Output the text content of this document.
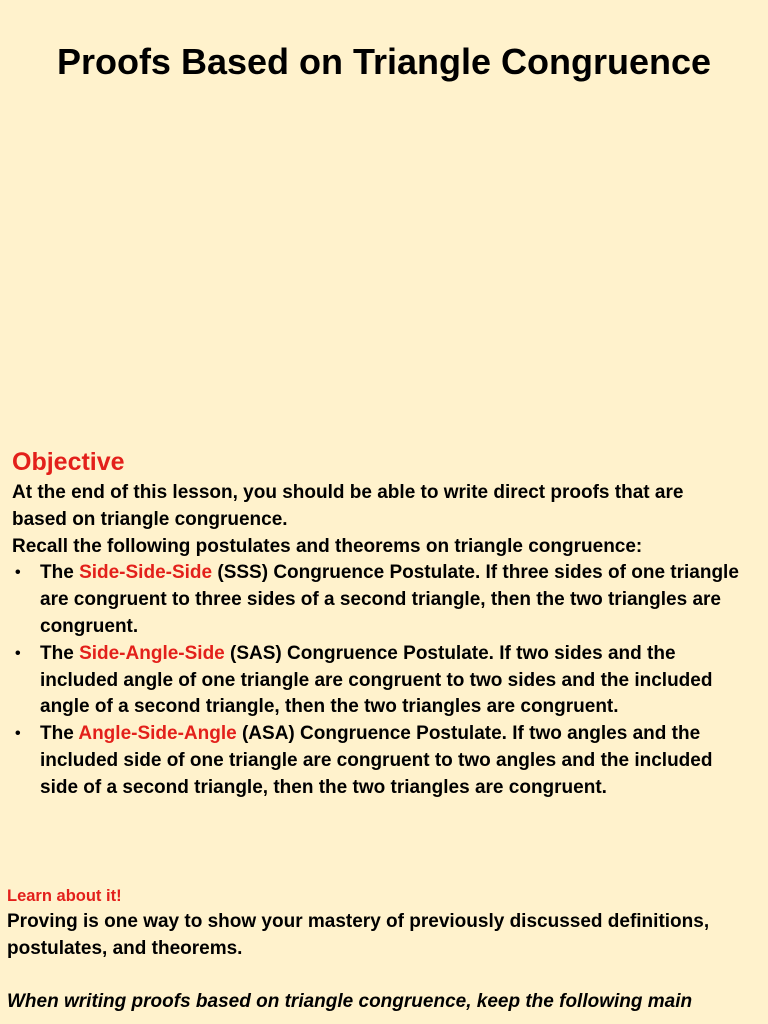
Proofs Based on Triangle Congruence
Objective
At the end of this lesson, you should be able to write direct proofs that are
based on triangle congruence.
Recall the following postulates and theorems on triangle congruence:
• The Side-Side-Side (SSS) Congruence Postulate. If three sides of one triangle
are congruent to three sides of a second triangle, then the two triangles are
congruent.
• The Side-Angle-Side (SAS) Congruence Postulate. If two sides and the
included angle of one triangle are congruent to two sides and the included
angle of a second triangle, then the two triangles are congruent.
• The Angle-Side-Angle (ASA) Congruence Postulate. If two angles and the
included side of one triangle are congruent to two angles and the included
side of a second triangle, then the two triangles are congruent.
Learn about it!
Proving is one way to show your mastery of previously discussed definitions,
postulates, and theorems.
When writing proofs based on triangle congruence, keep the following main
